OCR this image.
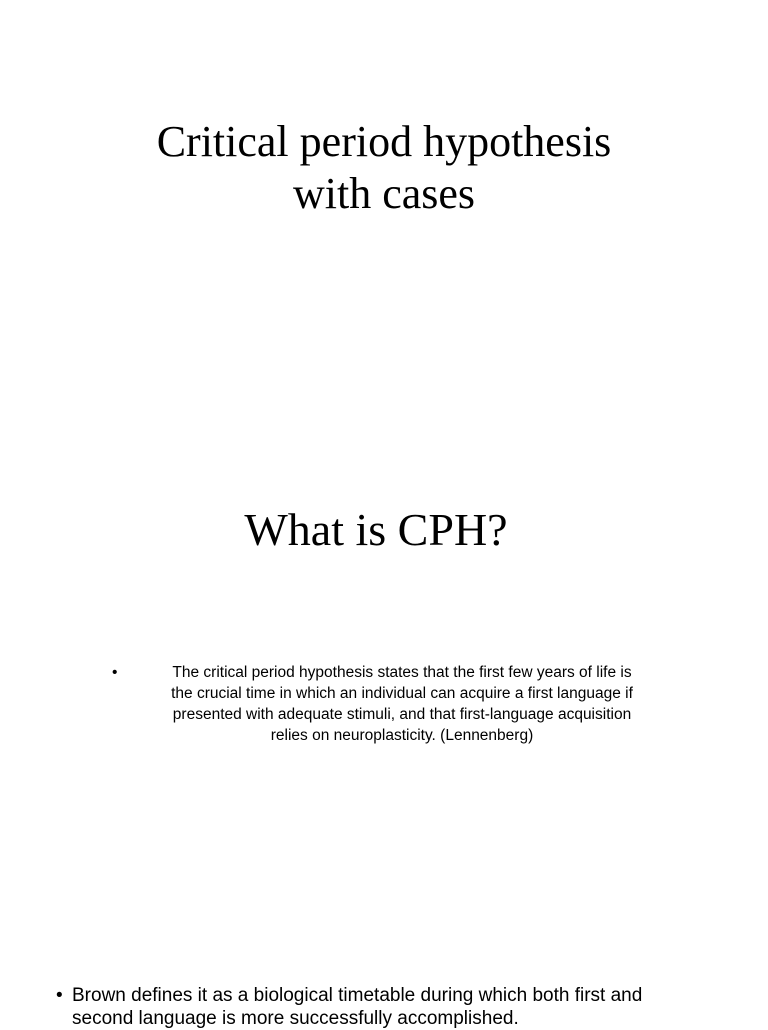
Critical period hypothesis
with cases
What is CPH?
•	The critical period hypothesis states that the first few years of life is
the crucial time in which an individual can acquire a first language if
presented with adequate stimuli, and that first-language acquisition
relies on neuroplasticity. (Lennenberg)
• Brown defines it as a biological timetable during which both first and
second language is more successfully accomplished.
